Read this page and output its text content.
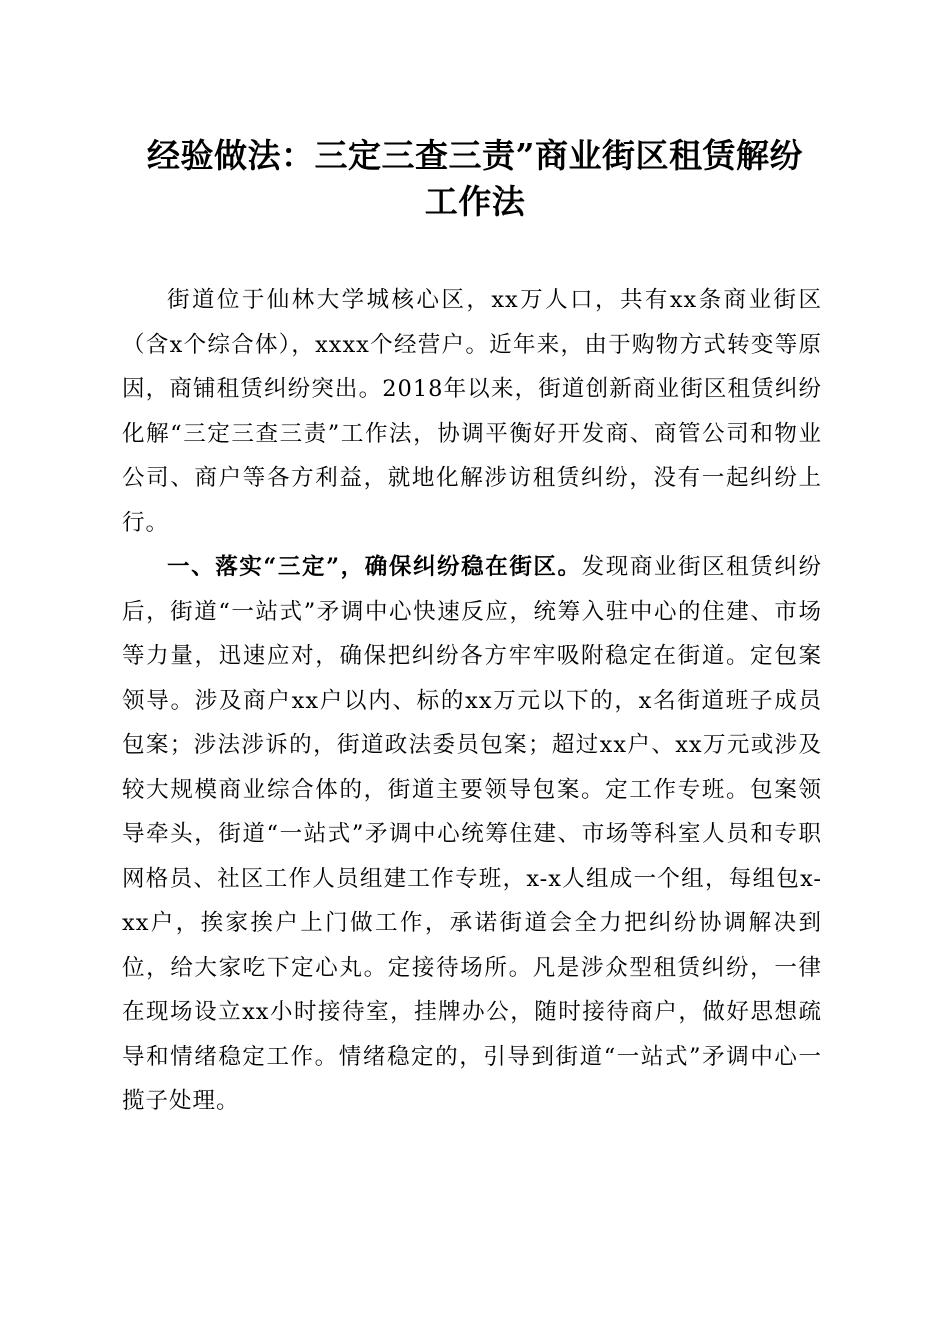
经验做法：三定三查三责”商业街区租赁解纷
工作法

街道位于仙林大学城核心区，xx万人口，共有xx条商业街区（含x个综合体），xxxx个经营户。近年来，由于购物方式转变等原因，商铺租赁纠纷突出。2018年以来，街道创新商业街区租赁纠纷化解“三定三查三责”工作法，协调平衡好开发商、商管公司和物业公司、商户等各方利益，就地化解涉访租赁纠纷，没有一起纠纷上行。

一、落实“三定”，确保纠纷稳在街区。发现商业街区租赁纠纷后，街道“一站式”矛调中心快速反应，统筹入驻中心的住建、市场等力量，迅速应对，确保把纠纷各方牢牢吸附稳定在街道。定包案领导。涉及商户xx户以内、标的xx万元以下的，x名街道班子成员包案；涉法涉诉的，街道政法委员包案；超过xx户、xx万元或涉及较大规模商业综合体的，街道主要领导包案。定工作专班。包案领导牵头，街道“一站式”矛调中心统筹住建、市场等科室人员和专职网格员、社区工作人员组建工作专班，x-x人组成一个组，每组包x-xx户，挨家挨户上门做工作，承诺街道会全力把纠纷协调解决到位，给大家吃下定心丸。定接待场所。凡是涉众型租赁纠纷，一律在现场设立xx小时接待室，挂牌办公，随时接待商户，做好思想疏导和情绪稳定工作。情绪稳定的，引导到街道“一站式”矛调中心一揽子处理。
